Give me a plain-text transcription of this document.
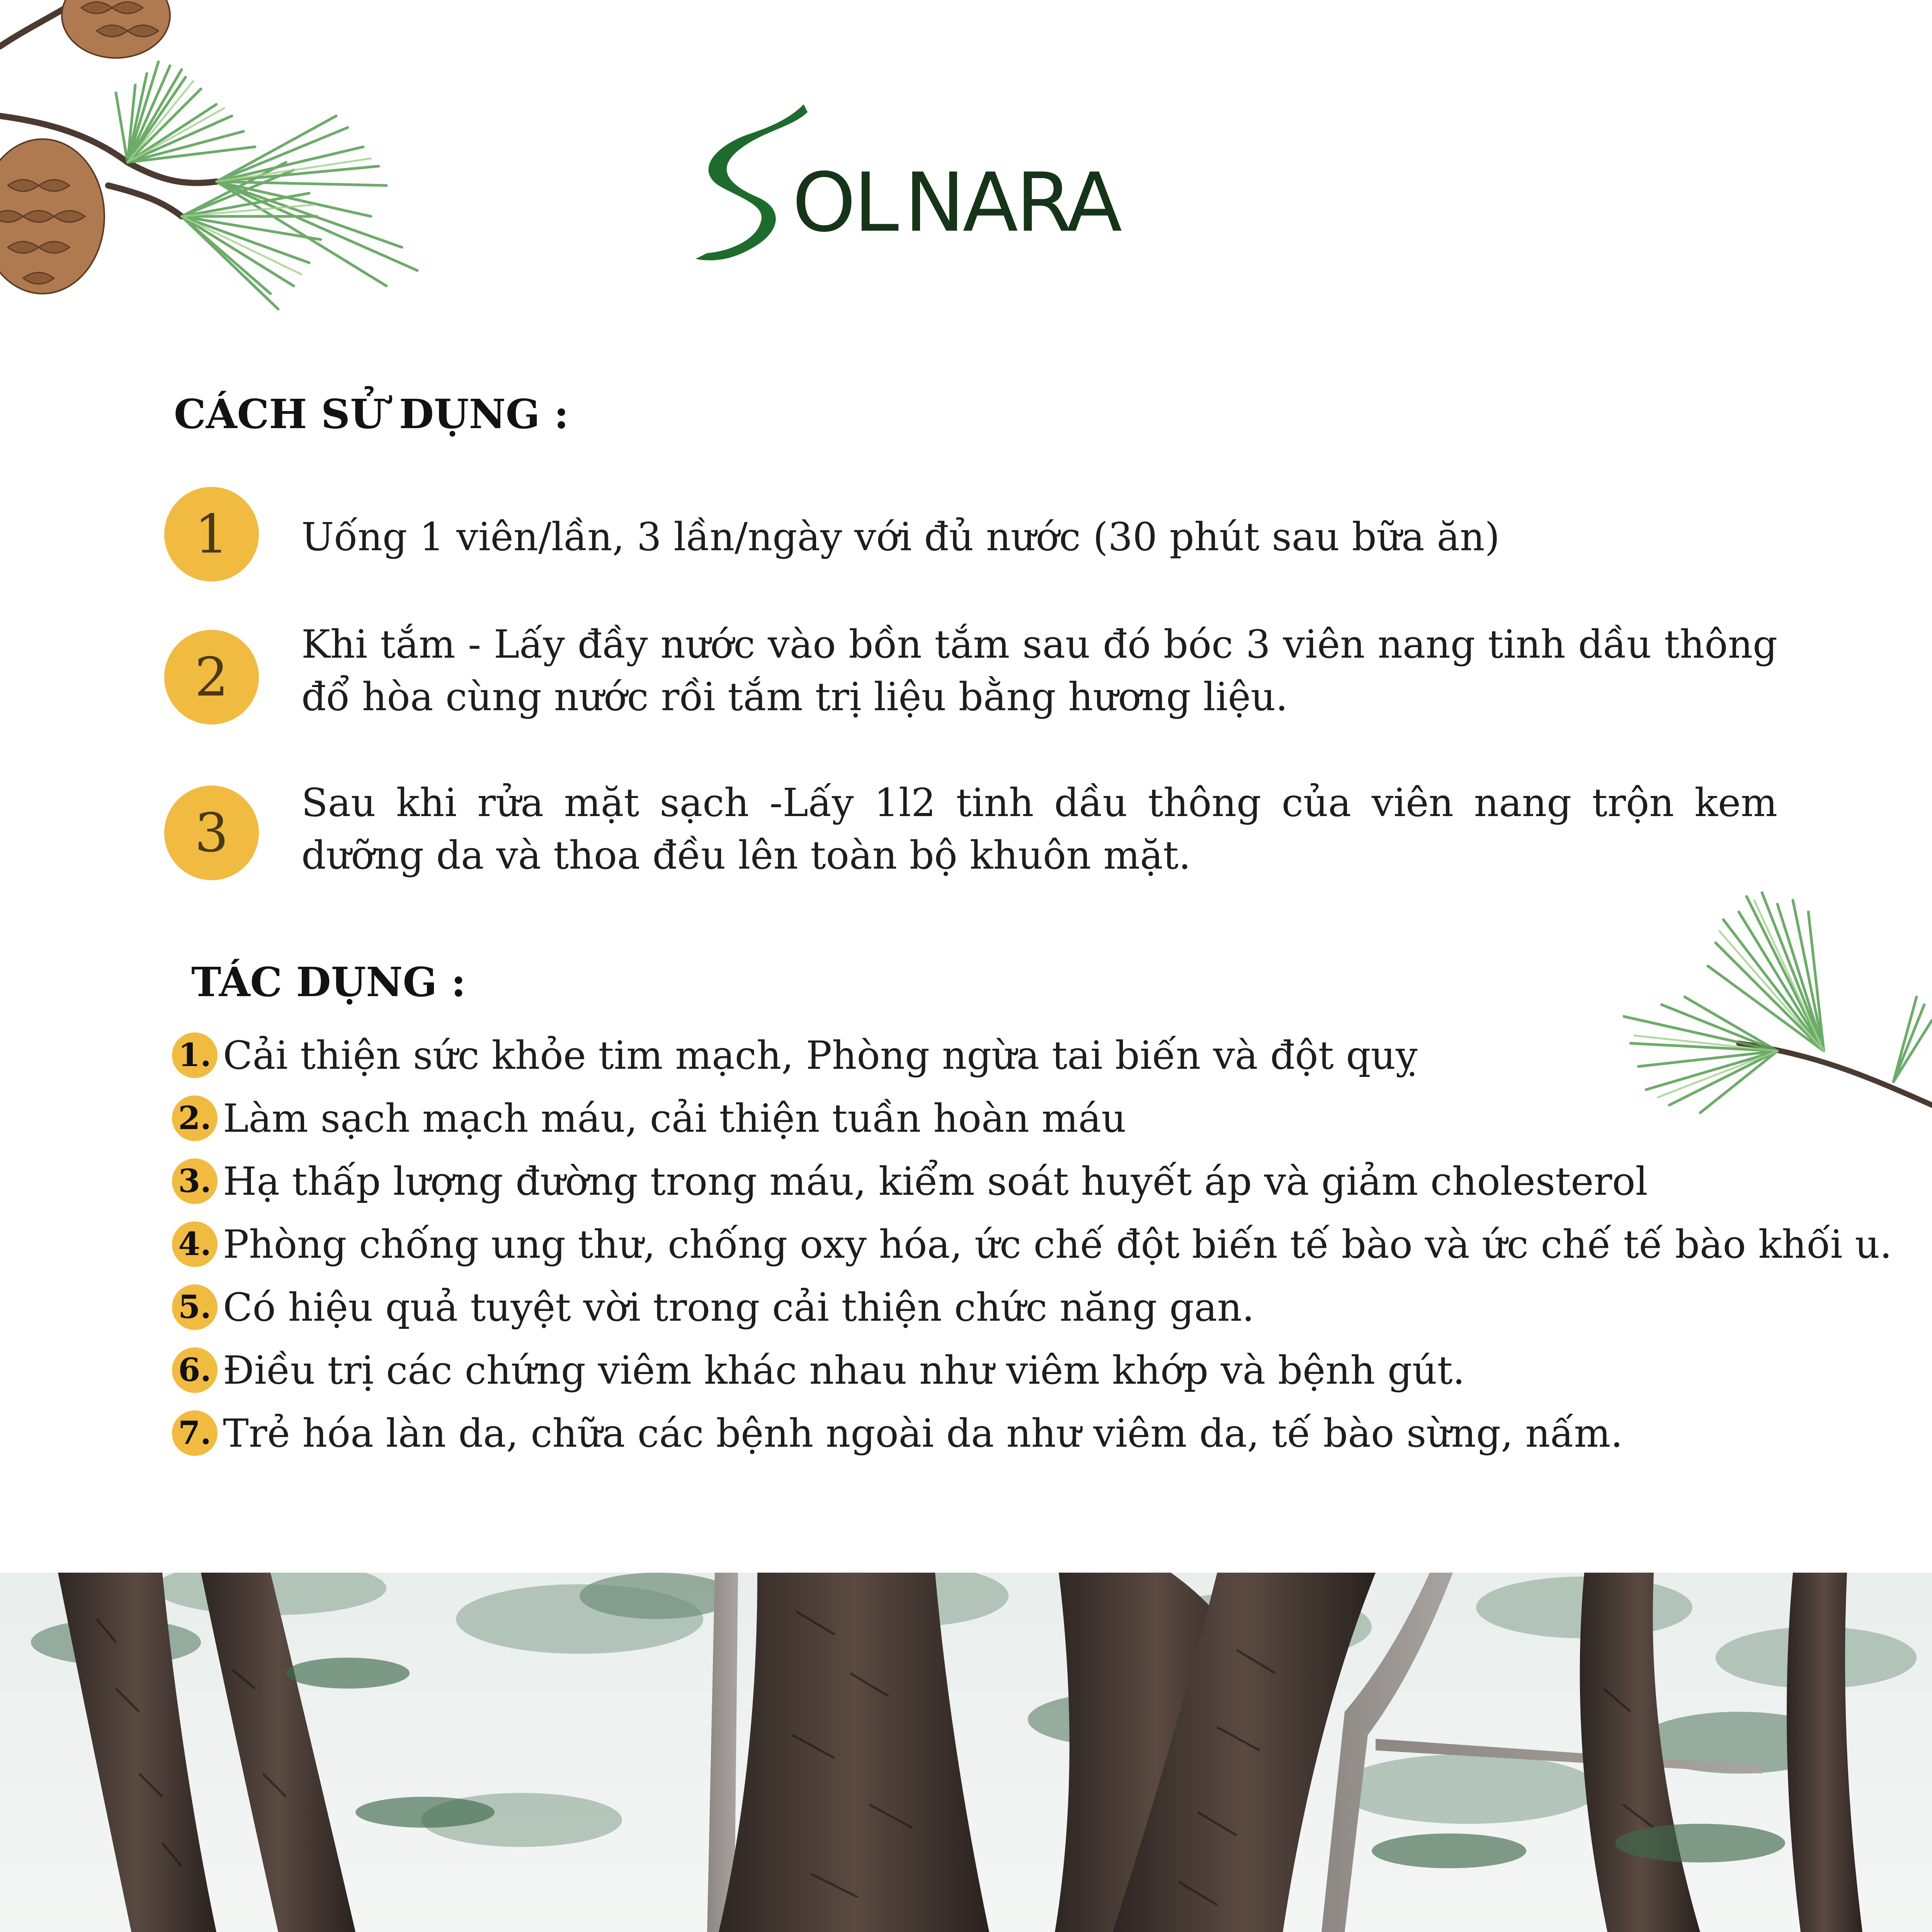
OLNARA
CÁCH SỬ DỤNG :
1	Uống 1 viên/lần, 3 lần/ngày với đủ nước (30 phút sau bữa ăn)
2
Khi tắm - Lấy đầy nước vào bồn tắm sau đó bóc 3 viên nang tinh dầu thông đổ hòa cùng nước rồi tắm trị liệu bằng hương liệu.
3	Sau khi rửa mặt sạch -Lấy 1l2 tinh dầu thông của viên nang trộn kem dưỡng da và thoa đều lên toàn bộ khuôn mặt.
TÁC DỤNG :
1. Cải thiện sức khỏe tim mạch, Phòng ngừa tai biến và đột quỵ
2. Làm sạch mạch máu, cải thiện tuần hoàn máu
3. Hạ thấp lượng đường trong máu, kiểm soát huyết áp và giảm cholesterol
4. Phòng chống ung thư, chống oxy hóa, ức chế đột biến tế bào và ức chế tế bào khối u.
5. Có hiệu quả tuyệt vời trong cải thiện chức năng gan.
6. Điều trị các chứng viêm khác nhau như viêm khớp và bệnh gút.
7. Trẻ hóa làn da, chữa các bệnh ngoài da như viêm da, tế bào sừng, nấm.
